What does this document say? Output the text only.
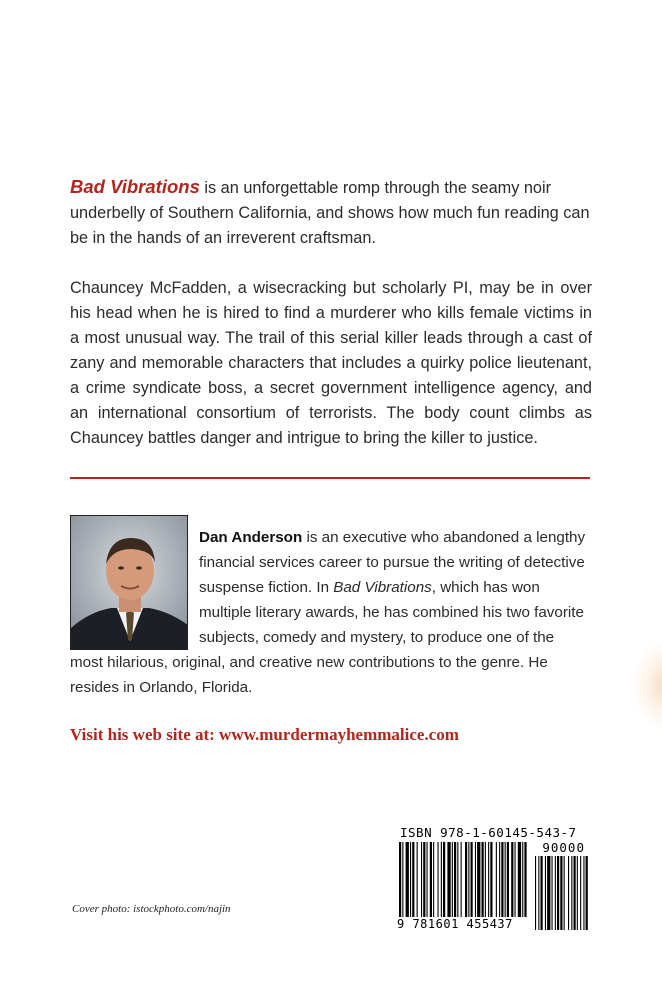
Bad Vibrations is an unforgettable romp through the seamy noir underbelly of Southern California, and shows how much fun reading can be in the hands of an irreverent craftsman.

Chauncey McFadden, a wisecracking but scholarly PI, may be in over his head when he is hired to find a murderer who kills female victims in a most unusual way. The trail of this serial killer leads through a cast of zany and memorable characters that includes a quirky police lieutenant, a crime syndicate boss, a secret government intelligence agency, and an international consortium of terrorists. The body count climbs as Chauncey battles danger and intrigue to bring the killer to justice.

Dan Anderson is an executive who abandoned a lengthy financial services career to pursue the writing of detective suspense fiction. In Bad Vibrations, which has won multiple literary awards, he has combined his two favorite subjects, comedy and mystery, to produce one of the most hilarious, original, and creative new contributions to the genre. He resides in Orlando, Florida.

Visit his web site at: www.murdermayhemmalice.com
Cover photo: istockphoto.com/najin
ISBN 978-1-60145-543-7
90000
9 781601 455437
